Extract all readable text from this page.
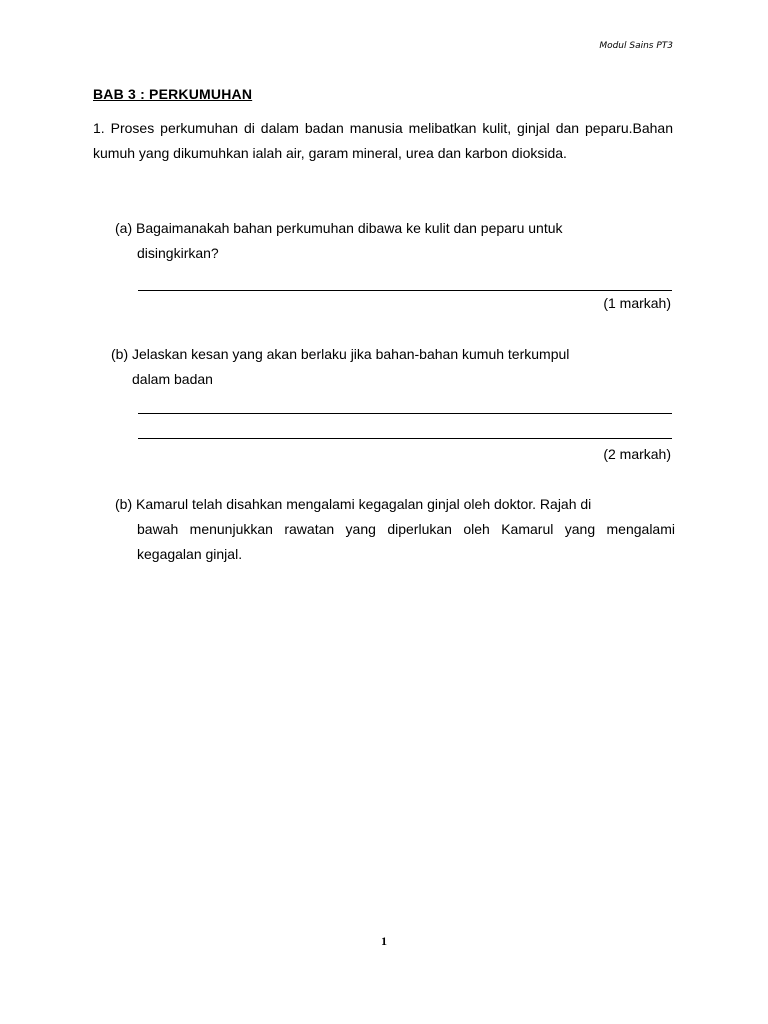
Modul Sains PT3
BAB 3 : PERKUMUHAN
1. Proses perkumuhan di dalam badan manusia melibatkan kulit, ginjal dan peparu.Bahan kumuh yang dikumuhkan ialah air, garam mineral, urea dan karbon dioksida.
(a) Bagaimanakah bahan perkumuhan dibawa ke kulit dan peparu untuk
disingkirkan?
(1 markah)
(b) Jelaskan kesan yang akan berlaku jika bahan-bahan kumuh terkumpul
dalam badan
(2 markah)
(b) Kamarul telah disahkan mengalami kegagalan ginjal oleh doktor. Rajah di
bawah menunjukkan rawatan yang diperlukan oleh Kamarul yang mengalami kegagalan ginjal.
1
